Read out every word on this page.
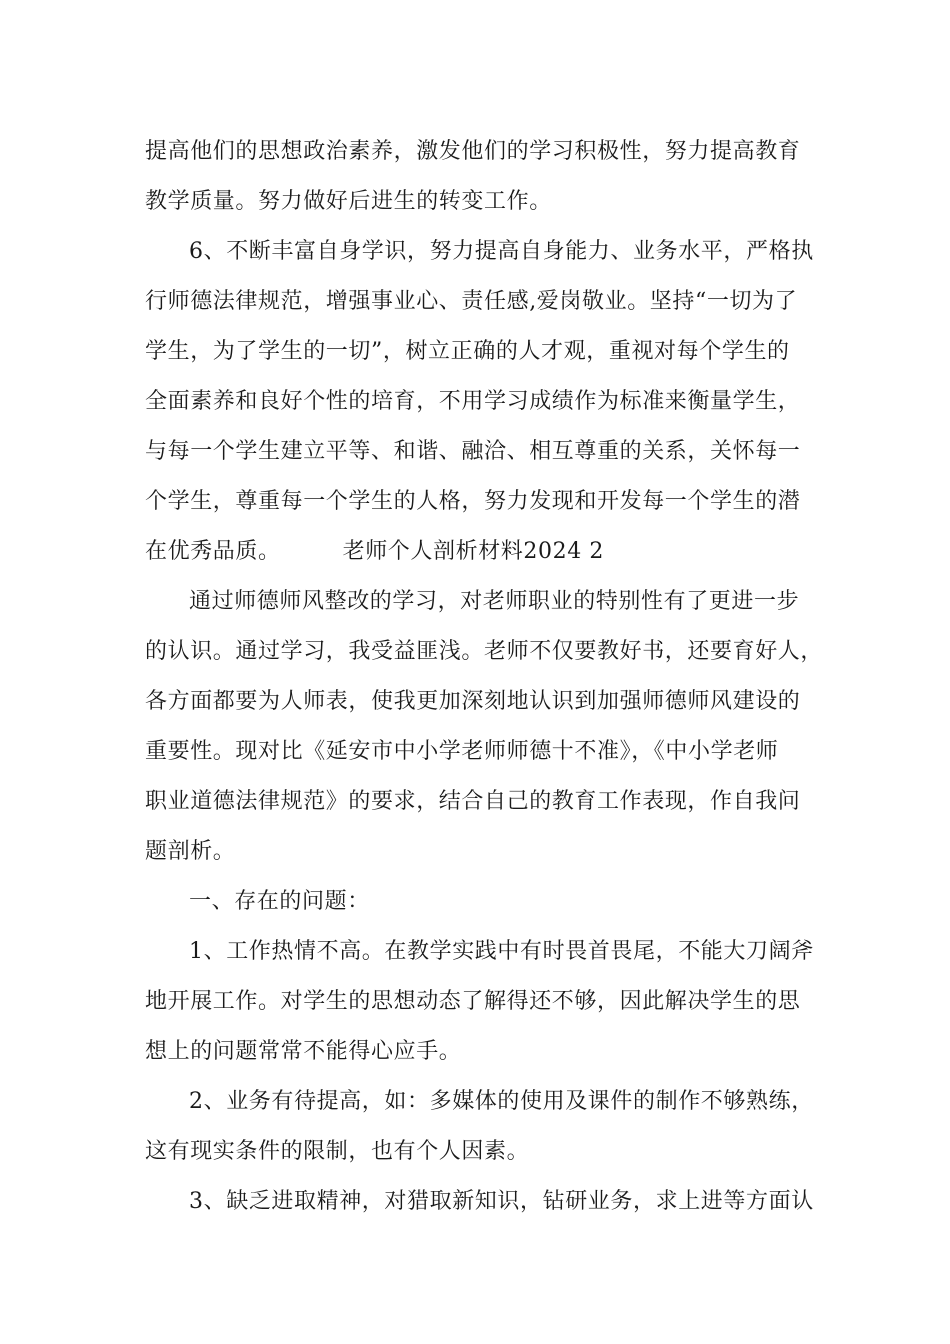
提高他们的思想政治素养，激发他们的学习积极性，努力提高教育

教学质量。努力做好后进生的转变工作。

6、不断丰富自身学识，努力提高自身能力、业务水平，严格执

行师德法律规范，增强事业心、责任感,爱岗敬业。坚持“一切为了

学生，为了学生的一切”，树立正确的人才观，重视对每个学生的

全面素养和良好个性的培育，不用学习成绩作为标准来衡量学生，

与每一个学生建立平等、和谐、融洽、相互尊重的关系，关怀每一

个学生，尊重每一个学生的人格，努力发现和开发每一个学生的潜

在优秀品质。	老师个人剖析材料2024 2

通过师德师风整改的学习，对老师职业的特别性有了更进一步

的认识。通过学习，我受益匪浅。老师不仅要教好书，还要育好人，

各方面都要为人师表，使我更加深刻地认识到加强师德师风建设的

重要性。现对比《延安市中小学老师师德十不准》，《中小学老师

职业道德法律规范》的要求，结合自己的教育工作表现，作自我问

题剖析。

一、存在的问题：

1、工作热情不高。在教学实践中有时畏首畏尾，不能大刀阔斧

地开展工作。对学生的思想动态了解得还不够，因此解决学生的思

想上的问题常常不能得心应手。

2、业务有待提高，如：多媒体的使用及课件的制作不够熟练，

这有现实条件的限制，也有个人因素。

3、缺乏进取精神，对猎取新知识，钻研业务，求上进等方面认
